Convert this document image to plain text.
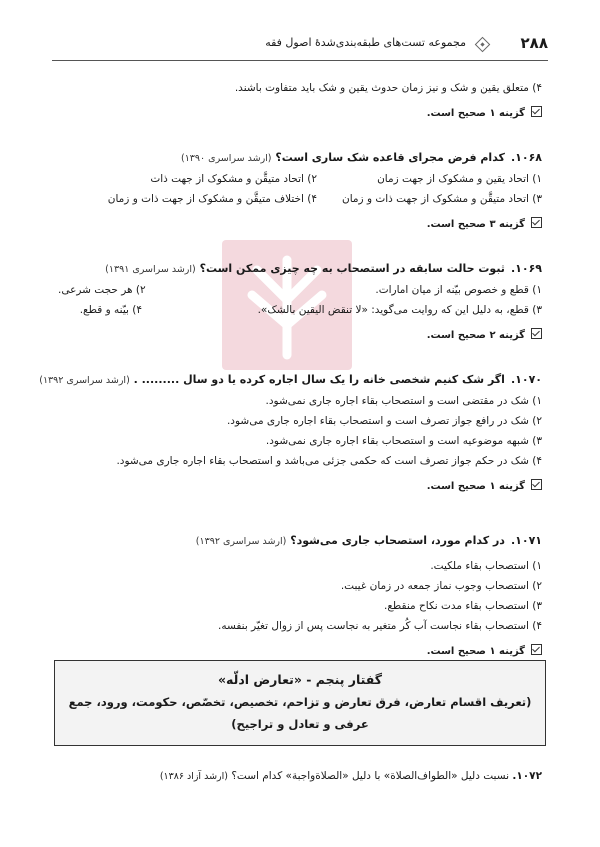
۲۸۸
مجموعه تست‌های طبقه‌بندی‌شدهٔ اصول فقه
۴) متعلق یقین و شک و نیز زمان حدوث یقین و شک باید متفاوت باشند.
گزینه ۱ صحیح است.
۱۰۶۸.کدام فرض مجرای قاعده شک ساری است؟ (ارشد سراسری ۱۳۹۰)
۱) اتحاد یقین و مشکوک از جهت زمان
۲) اتحاد متیقَّن و مشکوک از جهت ذات
۳) اتحاد متیقَّن و مشکوک از جهت ذات و زمان
۴) اختلاف متیقَّن و مشکوک از جهت ذات و زمان
گزینه ۳ صحیح است.
۱۰۶۹.ثبوت حالت سابقه در استصحاب به چه چیزی ممکن است؟ (ارشد سراسری ۱۳۹۱)
۱) قطع و خصوص بیّنه از میان امارات.
۲) هر حجت شرعی.
۳) قطع، به دلیل این که روایت می‌گوید: «لا تنقض الیقین بالشک».
۴) بیّنه و قطع.
گزینه ۲ صحیح است.
۱۰۷۰.اگر شک کنیم شخصی خانه را یک سال اجاره کرده یا دو سال ......... . (ارشد سراسری ۱۳۹۲)
۱) شک در مقتضی است و استصحاب بقاء اجاره جاری نمی‌شود.
۲) شک در رافع جواز تصرف است و استصحاب بقاء اجاره جاری می‌شود.
۳) شبهه موضوعیه است و استصحاب بقاء اجاره جاری نمی‌شود.
۴) شک در حکم جواز تصرف است که حکمی جزئی می‌باشد و استصحاب بقاء اجاره جاری می‌شود.
گزینه ۱ صحیح است.
۱۰۷۱.در کدام مورد، استصحاب جاری می‌شود؟ (ارشد سراسری ۱۳۹۲)
۱) استصحاب بقاء ملکیت.
۲) استصحاب وجوب نماز جمعه در زمان غیبت.
۳) استصحاب بقاء مدت نکاح منقطع.
۴) استصحاب بقاء نجاست آب کُر متغیر به نجاست پس از زوال تغیّر بنفسه.
گزینه ۱ صحیح است.
گفتار پنجم - «تعارض ادلّه»
(تعریف اقسام تعارض، فرق تعارض و تزاحم، تخصیص، تخصّص، حکومت، ورود، جمع عرفی و تعادل و تراجیح)
۱۰۷۲. نسبت دلیل «الطواف‌الصلاة» با دلیل «الصلاةواجبة» کدام است؟ (ارشد آزاد ۱۳۸۶)
